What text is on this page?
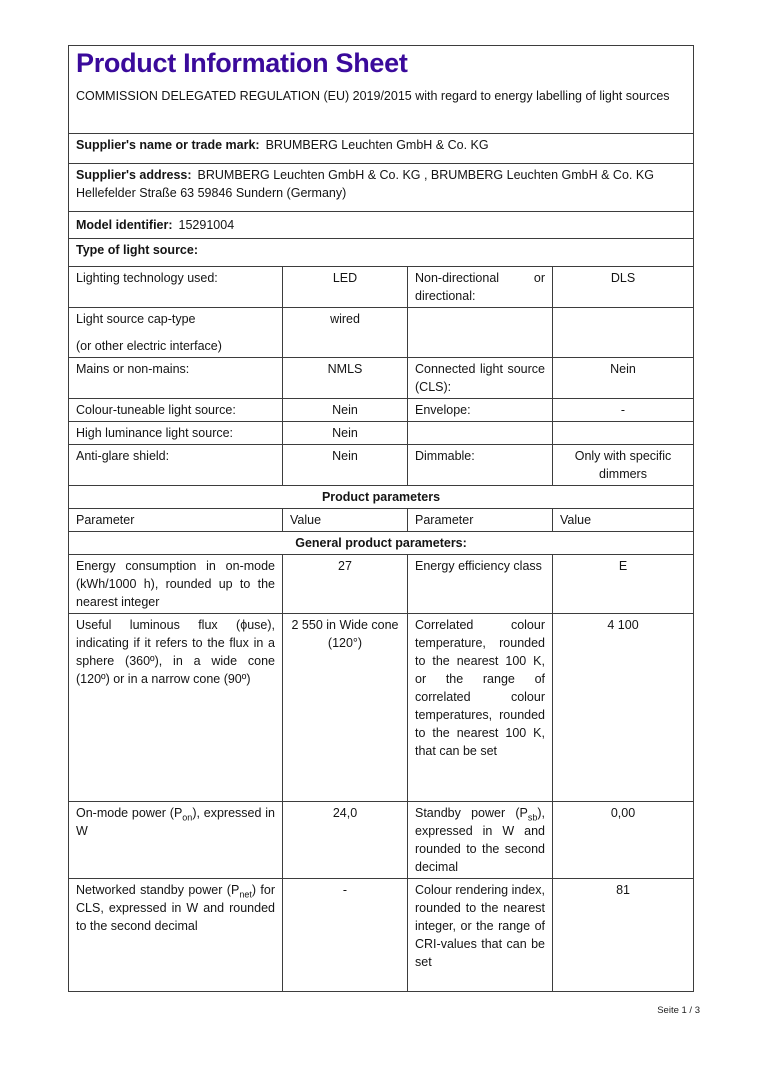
Product Information Sheet
COMMISSION DELEGATED REGULATION (EU) 2019/2015 with regard to energy labelling of light sources

Supplier's name or trade mark: BRUMBERG Leuchten GmbH & Co. KG			
Supplier's address: BRUMBERG Leuchten GmbH & Co. KG , BRUMBERG Leuchten GmbH & Co. KG Hellefelder Straße 63 59846 Sundern (Germany)			
Model identifier: 15291004			
Type of light source:			
Lighting technology used:	LED	Non-directional or directional:	DLS

Light source cap-type
(or other electric interface)	wired		
Mains or non-mains:	NMLS	Connected light source (CLS):	Nein
Colour-tuneable light source:	Nein	Envelope:	-
High luminance light source:	Nein		
Anti-glare shield:	Nein	Dimmable:	Only with specific dimmers
Product parameters			
Parameter	Value	Parameter	Value
General product parameters:			
Energy consumption in on-mode (kWh/1000 h), rounded up to the nearest integer	27	Energy efficiency class	E
Useful luminous flux (ϕuse), indicating if it refers to the flux in a sphere (360º), in a wide cone (120º) or in a narrow cone (90º)	2 550 in Wide cone (120°)	Correlated colour temperature, rounded to the nearest 100 K, or the range of correlated colour temperatures, rounded to the nearest 100 K, that can be set	4 100
On-mode power $(P_{on})$, expressed in W	24,0	Standby power $(P_{sb})$, expressed in W and rounded to the second decimal	0,00
Networked standby power $(P_{net})$ for CLS, expressed in W and rounded to the second decimal	-	Colour rendering index, rounded to the nearest integer, or the range of CRI-values that can be set	81
Seite 1 / 3
